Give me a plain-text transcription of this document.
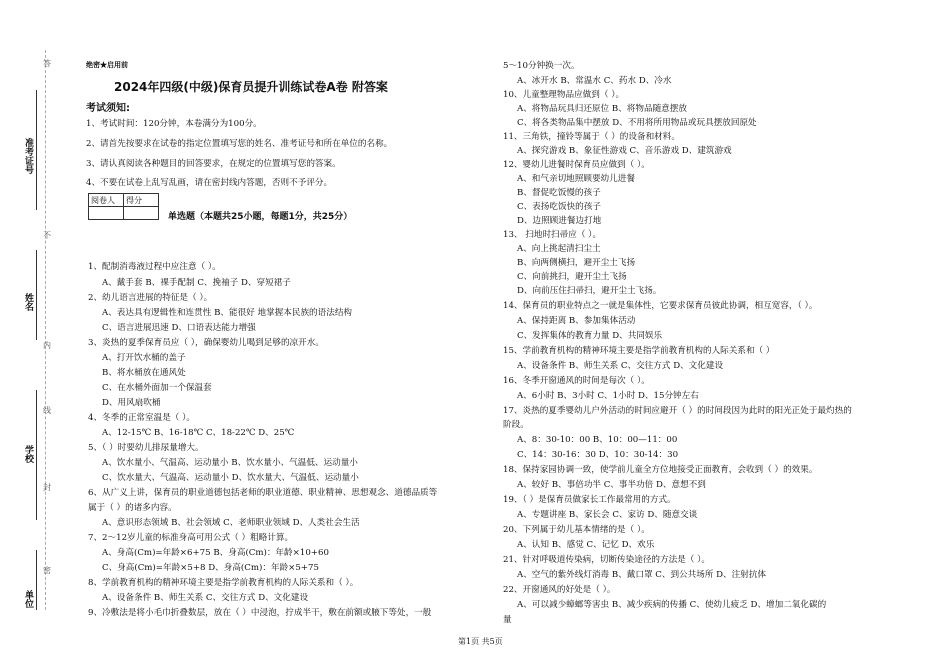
准考证号
姓名
学校
单位
答
不
内
线
封
密
绝密★启用前
2024年四级(中级)保育员提升训练试卷A卷 附答案
考试须知:
1、考试时间：120分钟，本卷满分为100分。
2、请首先按要求在试卷的指定位置填写您的姓名、准考证号和所在单位的名称。
3、请认真阅读各种题目的回答要求，在规定的位置填写您的答案。
4、不要在试卷上乱写乱画，请在密封线内答题，否则不予评分。
阅卷人	得分

单选题（本题共25小题，每题1分，共25分）
1、配制消毒液过程中应注意（ ）。
A、戴手套 B、裸手配制 C、挽袖子 D、穿短裙子
2、幼儿语言进展的特征是（ ）。
A、表达具有逻辑性和连贯性 B、能很好 地掌握本民族的语法结构
C、语言进展迅速 D、口语表达能力增强
3、炎热的夏季保育员应（ ），确保婴幼儿喝到足够的凉开水。
A、打开饮水桶的盖子
B、将水桶放在通风处
C、在水桶外面加一个保温套
D、用风扇吹桶
4、冬季的正常室温是（ ）。
A、12-15℃ B、16-18℃ C、18-22℃ D、25℃
5、（ ）时要幼儿排尿量增大。
A、饮水量小、气温高、运动量小 B、饮水量小、气温低、运动量小
C、饮水量大、气温高、运动量小 D、饮水量大、气温低、运动量小
6、从广义上讲，保育员的职业道德包括老师的职业道德、职业精神、思想观念、道德品质等
属于（ ）的诸多内容。
A、意识形态领域 B、社会领域 C、老师职业领域 D、人类社会生活
7、2～12岁儿童的标准身高可用公式（ ）粗略计算。
A、身高(Cm)=年龄×6+75 B、身高(Cm)：年龄×10+60
C、身高(Cm)=年龄×5+8 D、身高(Cm)：年龄×5+75
8、学前教育机构的精神环境主要是指学前教育机构的人际关系和（ ）。
A、设备条件 B、师生关系 C、交往方式 D、文化建设
9、冷敷法是将小毛巾折叠数层，放在（ ）中浸泡，拧成半干，敷在前额或腋下等处，一般
5～10分钟换一次。
A、冰开水 B、常温水 C、药水 D、冷水
10、儿童整理物品应做到（ ）。
A、将物品玩具归还原位 B、将物品随意摆放
C、将各类物品集中摆放 D、不用将所用物品或玩具摆放回原处
11、三角铁，撞铃等属于（ ）的设备和材料。
A、探究游戏 B、象征性游戏 C、音乐游戏 D、建筑游戏
12、婴幼儿进餐时保育员应做到（ ）。
A、和气亲切地照顾要幼儿进餐
B、督促吃饭慢的孩子
C、表扬吃饭快的孩子
D、边照顾进餐边打地
13、 扫地时扫帚应（ ）。
A、向上挑起清扫尘土
B、向两侧横扫，避开尘土飞扬
C、向前挑扫，避开尘土飞扬
D、向前压住扫帚扫，避开尘土飞扬。
14、保育员的职业特点之一就是集体性，它要求保育员彼此协调，相互宽容，（ ）。
A、保持距离 B、参加集体活动
C、发挥集体的教育力量 D、共同娱乐
15、学前教育机构的精神环境主要是指学前教育机构的人际关系和（ ）
A、设备条件 B、师生关系 C、交往方式 D、文化建设
16、冬季开窗通风的时间是每次（ ）。
A、6小时 B、3小时 C、1小时 D、15分钟左右
17、炎热的夏季婴幼儿户外活动的时间应避开（ ）的时间段因为此时的阳光正处于最灼热的
阶段。
A、8：30-10：00 B、10：00—11：00
C、14：30-16：30 D、10：30-14：30
18、保持家园协调一致，使学前儿童全方位地接受正面教育，会收到（ ）的效果。
A、较好 B、事倍功半 C、事半功倍 D、意想不到
19、（ ）是保育员做家长工作最常用的方式。
A、专题讲座 B、家长会 C、家访 D、随意交谈
20、下列属于幼儿基本情绪的是（ ）。
A、认知 B、感觉 C、记忆 D、欢乐
21、针对呼吸道传染病，切断传染途径的方法是（ ）。
A、空气的紫外线灯消毒 B、戴口罩 C、到公共场所 D、注射抗体
22、开窗通风的好处是（ ）。
A、可以减少蟑螂等害虫 B、减少疾病的传播 C、使幼儿疲乏 D、增加二氧化碳的
量
第1页 共5页
